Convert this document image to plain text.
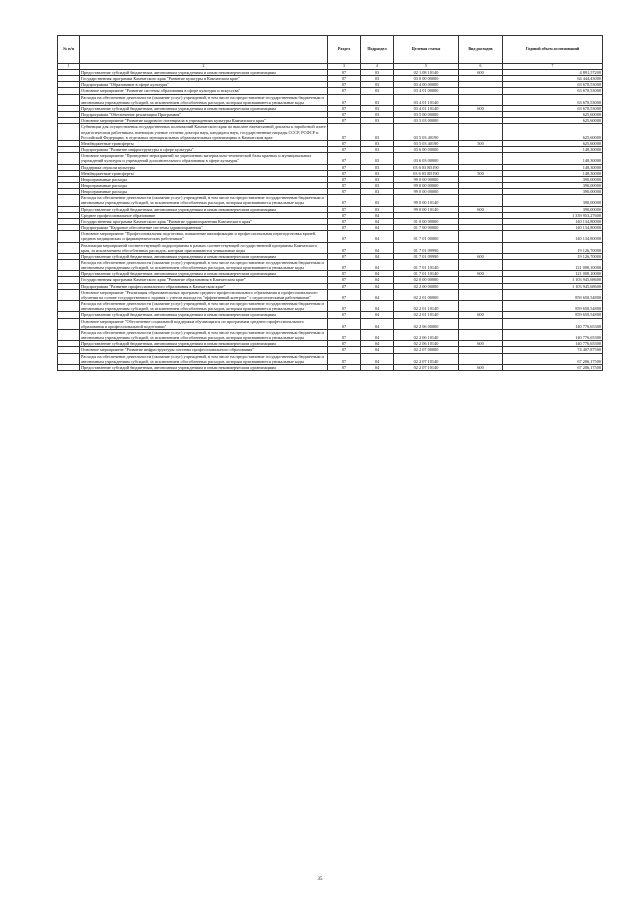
№ п/п		Раздел	Подраздел	Целевая статья	Вид расходов	Годовой объем ассигнований
1	2	3	4	5	6	7
	Предоставление субсидий бюджетным, автономным учреждениям и иным некоммерческим организациям	07	03	02 1 08 10140	600	4 891,57200
	Государственная программа Камчатского края "Развитие культуры в Камчатском крае"	07	03	03 0 00 00000		64 444,43000
	Подпрограмма "Образование в сфере культуры"	07	03	03 4 00 00000		63 670,53000
	Основное мероприятие "Развитие системы образования в сфере культуры и искусства"	07	03	03 4 01 00000		63 670,53000
	Расходы на обеспечение деятельности (оказание услуг) учреждений, в том числе на предоставление государственным бюджетным и автономным учреждениям субсидий, за исключением обособленных расходов, которым присваиваются уникальные коды	07	03	03 4 01 10140		63 670,53000
	Предоставление субсидий бюджетным, автономным учреждениям и иным некоммерческим организациям	07	03	03 4 01 10140	600	63 670,53000
	Подпрограмма "Обеспечение реализации Программы"	07	03	03 5 00 00000		625,60000
	Основное мероприятие "Развитие кадрового потенциала в учреждениях культуры Камчатского края"	07	03	03 5 03 00000		625,60000
	Субвенции для осуществления государственных полномочий Камчатского края по выплате ежемесячной доплаты к заработной плате педагогическим работникам, имеющим ученые степени доктора наук, кандидата наук, государственные награды СССР, РСФСР и Российской Федерации, в отдельных муниципальных образовательных организациях в Камчатском крае	07	03	03 5 03 40190		625,60000
	Межбюджетные трансферты	07	03	03 5 03 40190	500	625,60000
	Подпрограмма "Развитие инфраструктуры в сфере культуры"	07	03	03 6 00 00000		148,30000
	Основное мероприятие "Проведение мероприятий по укреплению материально-технической базы краевых и муниципальных учреждений культуры и учреждений дополнительного образования в сфере культуры"	07	03	03 6 03 00000		148,30000
	Поддержка отрасли культуры	07	03	03 6 03 R5190		148,30000
	Межбюджетные трансферты	07	03	03 6 03 R5190	500	148,30000
	Непрограммные расходы	07	03	99 0 00 00000		390,00000
	Непрограммные расходы	07	03	99 0 00 00000		390,00000
	Непрограммные расходы	07	03	99 0 00 00000		390,00000
	Расходы на обеспечение деятельности (оказание услуг) учреждений, в том числе на предоставление государственным бюджетным и автономным учреждениям субсидий, за исключением обособленных расходов, которым присваиваются уникальные коды	07	03	99 0 00 10140		390,00000
	Предоставление субсидий бюджетным, автономным учреждениям и иным некоммерческим организациям	07	03	99 0 00 10140	600	390,00000
	Среднее профессиональное образование	07	04			1 339 953,27600
	Государственная программа Камчатского края "Развитие здравоохранения Камчатского края"	07	04	01 0 00 00000		140 134,80000
	Подпрограмма "Кадровое обеспечение системы здравоохранения"	07	04	01 7 00 00000		140 134,80000
	Основное мероприятие "Профессиональная подготовка, повышение квалификации и профессиональная переподготовка врачей, средних медицинских и фармацевтических работников"	07	04	01 7 01 00000		140 134,80000
	Реализация мероприятий соответствующей подпрограммы в рамках соответствующей государственной программы Камчатского края, за исключением обособленных расходов, которым присваиваются уникальные коды	07	04	01 7 01 09990		19 126,70000
	Предоставление субсидий бюджетным, автономным учреждениям и иным некоммерческим организациям	07	04	01 7 01 09990	600	19 126,70000
	Расходы на обеспечение деятельности (оказание услуг) учреждений, в том числе на предоставление государственным бюджетным и автономным учреждениям субсидий, за исключением обособленных расходов, которым присваиваются уникальные коды	07	04	01 7 01 10140		121 008,10000
	Предоставление субсидий бюджетным, автономным учреждениям и иным некоммерческим организациям	07	04	01 7 01 10140	600	121 008,10000
	Государственная программа Камчатского края "Развитие образования в Камчатском крае"	07	04	02 0 00 00000		1 103 945,68600
	Подпрограмма "Развитие профессионального образования в Камчатском крае"	07	04	02 2 00 00000		1 103 945,68600
	Основное мероприятие "Реализация образовательных программ среднего профессионального образования и профессионального обучения на основе государственного задания с учетом выхода на "эффективный контракт" с педагогическими работниками"	07	04	02 2 01 00000		859 650,54800
	Расходы на обеспечение деятельности (оказание услуг) учреждений, в том числе на предоставление государственным бюджетным и автономным учреждениям субсидий, за исключением обособленных расходов, которым присваиваются уникальные коды	07	04	02 2 01 10140		859 650,54800
	Предоставление субсидий бюджетным, автономным учреждениям и иным некоммерческим организациям	07	04	02 2 01 10140	600	859 650,54800
	Основное мероприятие "Обеспечение социальной поддержки обучающихся по программам среднего профессионального образования и профессиональной подготовки"	07	04	02 2 06 00000		140 776,65300
	Расходы на обеспечение деятельности (оказание услуг) учреждений, в том числе на предоставление государственным бюджетным и автономным учреждениям субсидий, за исключением обособленных расходов, которым присваиваются уникальные коды	07	04	02 2 06 10140		140 776,65300
	Предоставление субсидий бюджетным, автономным учреждениям и иным некоммерческим организациям	07	04	02 2 06 10140	600	140 776,65300
	Основное мероприятие "Развитие инфраструктуры системы профессионального образования"	07	04	02 2 07 00000		74 407,87500
	Расходы на обеспечение деятельности (оказание услуг) учреждений, в том числе на предоставление государственным бюджетным и автономным учреждениям субсидий, за исключением обособленных расходов, которым присваиваются уникальные коды	07	04	02 2 07 10140		67 206,17500
	Предоставление субсидий бюджетным, автономным учреждениям и иным некоммерческим организациям	07	04	02 2 07 10140	600	67 206,17500
35
